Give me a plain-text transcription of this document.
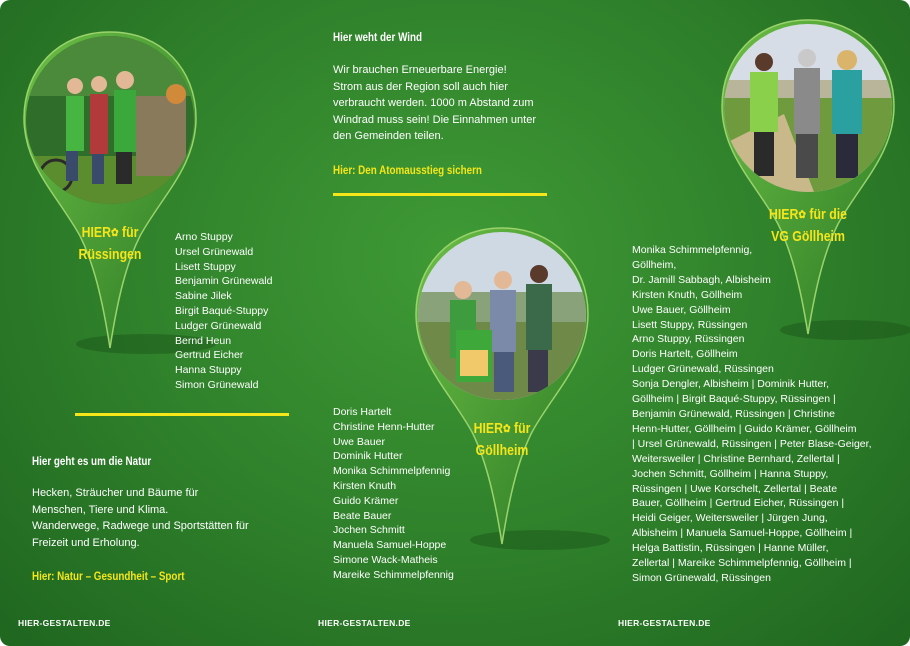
HIER✿ für
Rüssingen
Arno Stuppy
Ursel Grünewald
Lisett Stuppy
Benjamin Grünewald
Sabine Jilek
Birgit Baqué-Stuppy
Ludger Grünewald
Bernd Heun
Gertrud Eicher
Hanna Stuppy
Simon Grünewald
Hier geht es um die Natur
Hecken, Sträucher und Bäume für
Menschen, Tiere und Klima.
Wanderwege, Radwege und Sportstätten für
Freizeit und Erholung.
Hier: Natur – Gesundheit – Sport
HIER-GESTALTEN.DE
Hier weht der Wind
Wir brauchen Erneuerbare Energie!
Strom aus der Region soll auch hier
verbraucht werden. 1000 m Abstand zum
Windrad muss sein! Die Einnahmen unter
den Gemeinden teilen.
Hier: Den Atomausstieg sichern
HIER✿ für
Göllheim
Doris Hartelt
Christine Henn-Hutter
Uwe Bauer
Dominik Hutter
Monika Schimmelpfennig
Kirsten Knuth
Guido Krämer
Beate Bauer
Jochen Schmitt
Manuela Samuel-Hoppe
Simone Wack-Matheis
Mareike Schimmelpfennig
HIER-GESTALTEN.DE
HIER✿ für die
VG Göllheim
Monika Schimmelpfennig,
Göllheim,
Dr. Jamill Sabbagh, Albisheim
Kirsten Knuth, Göllheim
Uwe Bauer, Göllheim
Lisett Stuppy, Rüssingen
Arno Stuppy, Rüssingen
Doris Hartelt, Göllheim
Ludger Grünewald, Rüssingen
Sonja Dengler, Albisheim | Dominik Hutter,
Göllheim | Birgit Baqué-Stuppy, Rüssingen |
Benjamin Grünewald, Rüssingen | Christine
Henn-Hutter, Göllheim | Guido Krämer, Göllheim
| Ursel Grünewald, Rüssingen | Peter Blase-Geiger,
Weitersweiler | Christine Bernhard, Zellertal |
Jochen Schmitt, Göllheim | Hanna Stuppy,
Rüssingen | Uwe Korschelt, Zellertal | Beate
Bauer, Göllheim | Gertrud Eicher, Rüssingen |
Heidi Geiger, Weitersweiler | Jürgen Jung,
Albisheim | Manuela Samuel-Hoppe, Göllheim |
Helga Battistin, Rüssingen | Hanne Müller,
Zellertal | Mareike Schimmelpfennig, Göllheim |
Simon Grünewald, Rüssingen
HIER-GESTALTEN.DE
